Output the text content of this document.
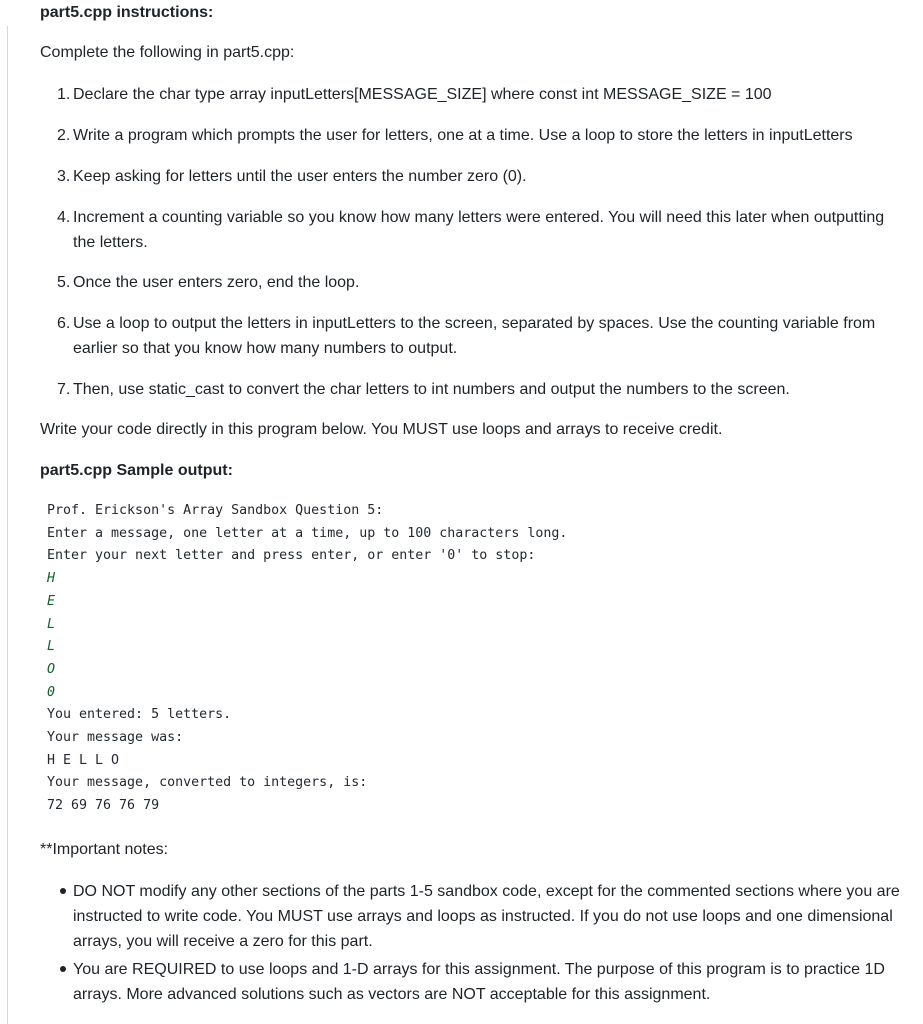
part5.cpp instructions:
Complete the following in part5.cpp:
1. Declare the char type array inputLetters[MESSAGE_SIZE] where const int MESSAGE_SIZE = 100
2. Write a program which prompts the user for letters, one at a time. Use a loop to store the letters in inputLetters
3. Keep asking for letters until the user enters the number zero (0).
4. Increment a counting variable so you know how many letters were entered. You will need this later when outputting the letters.
5. Once the user enters zero, end the loop.
6. Use a loop to output the letters in inputLetters to the screen, separated by spaces. Use the counting variable from earlier so that you know how many numbers to output.
7. Then, use static_cast to convert the char letters to int numbers and output the numbers to the screen.
Write your code directly in this program below. You MUST use loops and arrays to receive credit.
part5.cpp Sample output:
Prof. Erickson's Array Sandbox Question 5:
Enter a message, one letter at a time, up to 100 characters long.
Enter your next letter and press enter, or enter '0' to stop:
H
E
L
L
O
0
You entered: 5 letters.
Your message was:
H E L L O
Your message, converted to integers, is:
72 69 76 76 79
**Important notes:
DO NOT modify any other sections of the parts 1-5 sandbox code, except for the commented sections where you are instructed to write code. You MUST use arrays and loops as instructed. If you do not use loops and one dimensional arrays, you will receive a zero for this part.
You are REQUIRED to use loops and 1-D arrays for this assignment. The purpose of this program is to practice 1D arrays. More advanced solutions such as vectors are NOT acceptable for this assignment.
